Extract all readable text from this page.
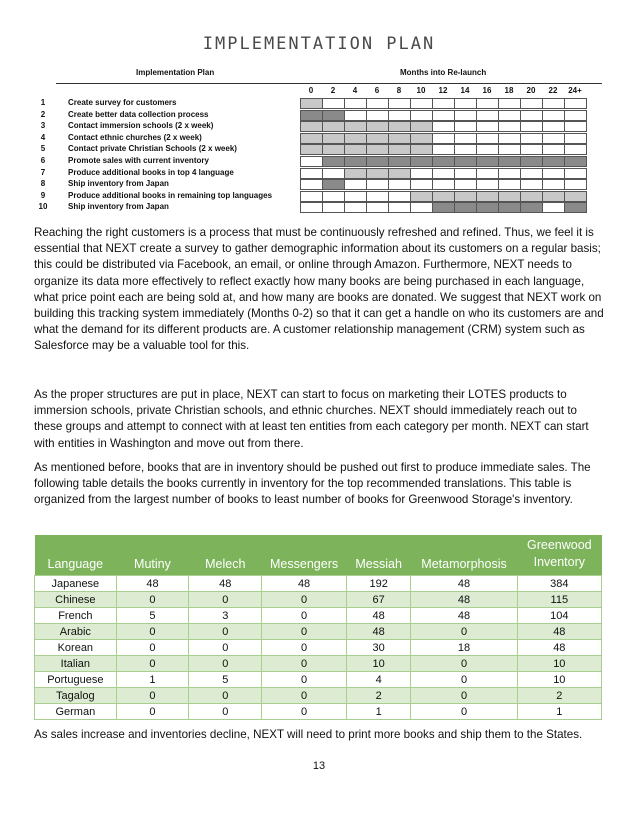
IMPLEMENTATION PLAN
Implementation Plan	Months into Re-launch
0	2	4	6	8	10	12	14	16	18	20	22	24+
1	Create survey for customers
2	Create better data collection process
3	Contact immersion schools (2 x week)
4	Contact ethnic churches (2 x week)
5	Contact private Christian Schools (2 x week)
6	Promote sales with current inventory
7	Produce additional books in top 4 language
8	Ship inventory from Japan
9	Produce additional books in remaining top languages
10	Ship inventory from Japan
Reaching the right customers is a process that must be continuously refreshed and refined. Thus, we feel it is essential that NEXT create a survey to gather demographic information about its customers on a regular basis; this could be distributed via Facebook, an email, or online through Amazon. Furthermore, NEXT needs to organize its data more effectively to reflect exactly how many books are being purchased in each language, what price point each are being sold at, and how many are books are donated. We suggest that NEXT work on building this tracking system immediately (Months 0-2) so that it can get a handle on who its customers are and what the demand for its different products are. A customer relationship management (CRM) system such as Salesforce may be a valuable tool for this.
As the proper structures are put in place, NEXT can start to focus on marketing their LOTES products to immersion schools, private Christian schools, and ethnic churches. NEXT should immediately reach out to these groups and attempt to connect with at least ten entities from each category per month. NEXT can start with entities in Washington and move out from there.
As mentioned before, books that are in inventory should be pushed out first to produce immediate sales. The following table details the books currently in inventory for the top recommended translations. This table is organized from the largest number of books to least number of books for Greenwood Storage's inventory.
Language	Mutiny	Melech	Messengers	Messiah	Metamorphosis	Greenwood Inventory
Japanese	48	48	48	192	48	384
Chinese	0	0	0	67	48	115
French	5	3	0	48	48	104
Arabic	0	0	0	48	0	48
Korean	0	0	0	30	18	48
Italian	0	0	0	10	0	10
Portuguese	1	5	0	4	0	10
Tagalog	0	0	0	2	0	2
German	0	0	0	1	0	1
As sales increase and inventories decline, NEXT will need to print more books and ship them to the States.
13
